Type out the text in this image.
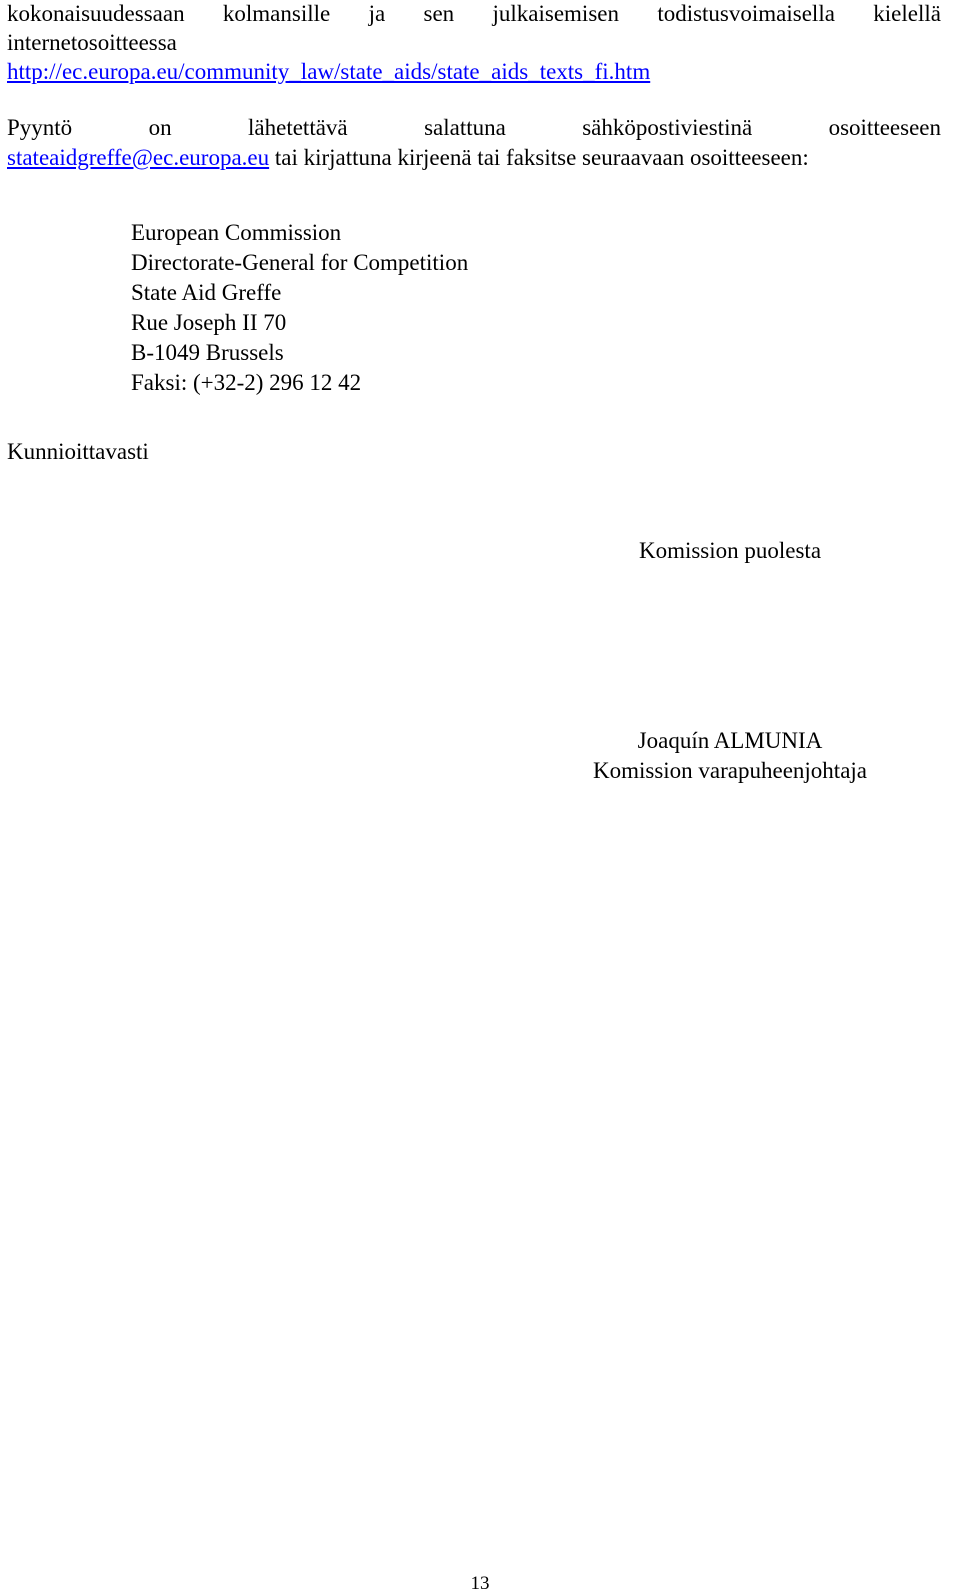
kokonaisuudessaan kolmansille ja sen julkaisemisen todistusvoimaisella kielellä
internetosoitteessa
http://ec.europa.eu/community_law/state_aids/state_aids_texts_fi.htm
Pyyntö	on	lähetettävä	salattuna	sähköpostiviestinä	osoitteeseen
stateaidgreffe@ec.europa.eu tai kirjattuna kirjeenä tai faksitse seuraavaan osoitteeseen:
European Commission
Directorate-General for Competition
State Aid Greffe
Rue Joseph II 70
B-1049 Brussels
Faksi: (+32-2) 296 12 42
Kunnioittavasti
Komission puolesta
Joaquín ALMUNIA
Komission varapuheenjohtaja
13
